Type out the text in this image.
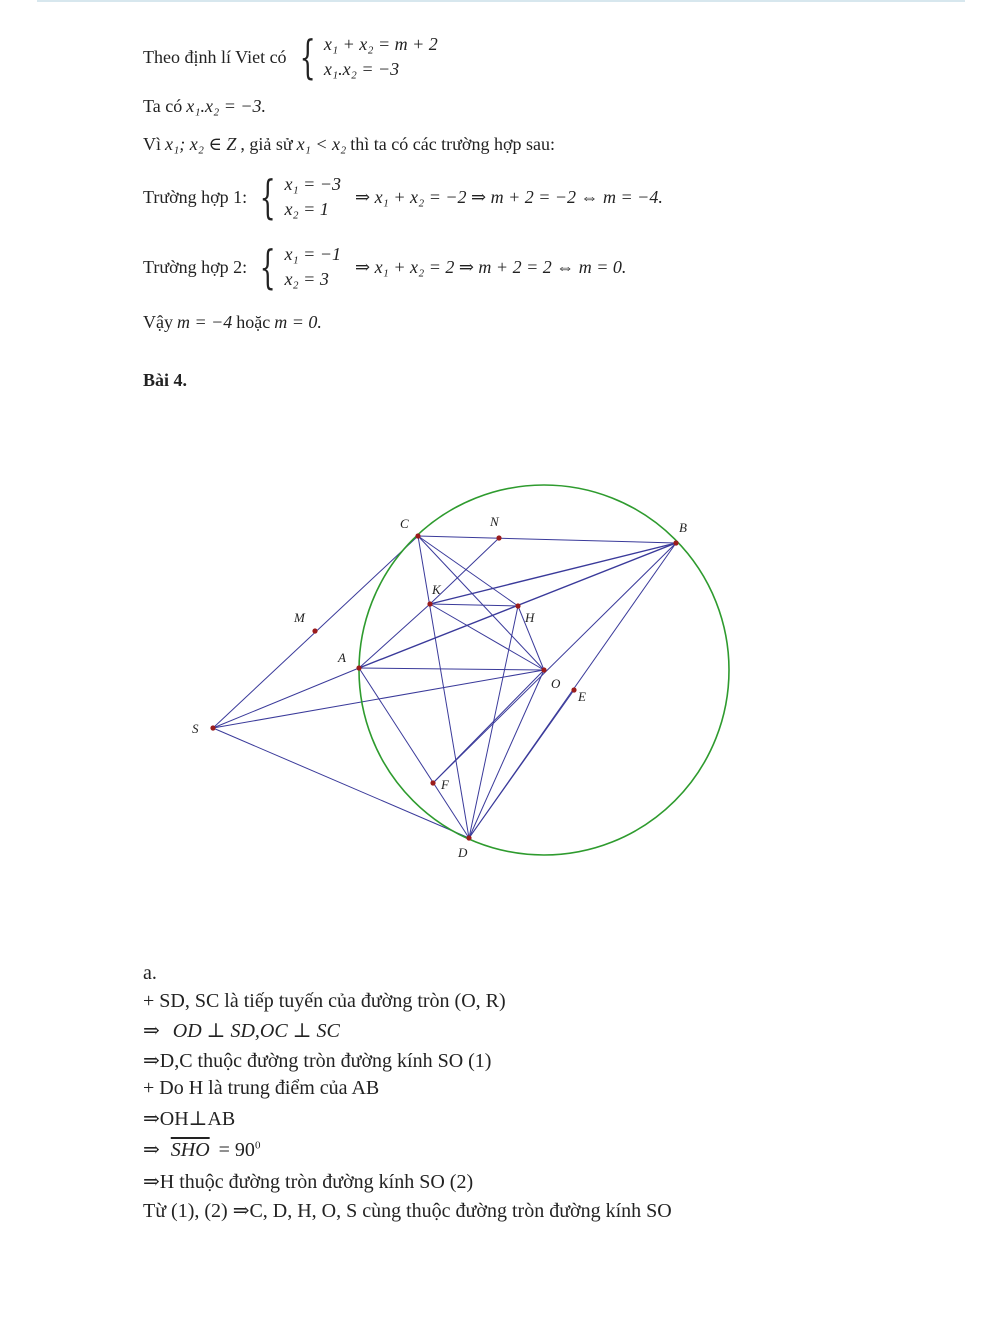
Theo định lí Viet có { x₁ + x₂ = m + 2
x₁.x₂ = −3
Ta có x₁.x₂ = −3.
Vì x₁; x₂ ∈ Z , giả sử x₁ < x₂ thì ta có các trường hợp sau:
Trường hợp 1: { x₁ = −3
x₂ = 1
⇒ x₁ + x₂ = −2 ⇒ m + 2 = −2 ⇔ m = −4.
Trường hợp 2: { x₁ = −1
x₂ = 3
⇒ x₁ + x₂ = 2 ⇒ m + 2 = 2 ⇔ m = 0.
Vậy m = −4 hoặc m = 0.
Bài 4.
C	N	B
K
H
M
A
O
E
S
F
D
a.
+ SD, SC là tiếp tuyến của đường tròn (O, R)
⇒ OD ⊥ SD,OC ⊥ SC
⇒D,C thuộc đường tròn đường kính SO (1)
+ Do H là trung điểm của AB
⇒OH⊥AB
⇒ $\overline{SHO} = 90^0$
⇒H thuộc đường tròn đường kính SO (2)
Từ (1), (2) ⇒C, D, H, O, S cùng thuộc đường tròn đường kính SO
